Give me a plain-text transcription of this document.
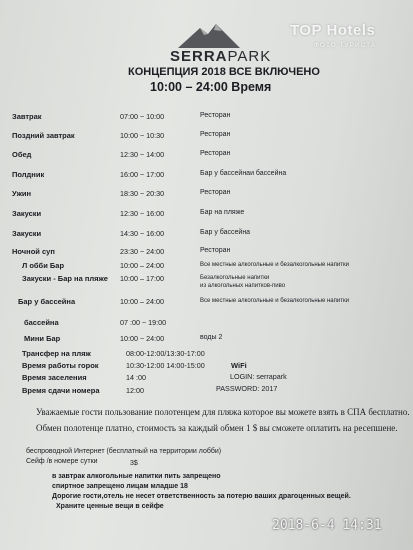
SERRAPARK
КОНЦЕПЦИЯ 2018 ВСЕ ВКЛЮЧЕНО
10:00 – 24:00 Время
TOP Hotels
ФОТО ТУРИСТА
WiFi
LOGIN: serrapark
PASSWORD: 2017
Уважаемые гости пользование полотенцем для пляжа которое вы можете взять в СПА бесплатно.
Обмен полотенце платно, стоимость за каждый обмен 1 $ вы сможете оплатить на ресепшене.
беспроводной Интернет (бесплатный на территории лобби)
Сейф /в номере сутки	3$
в завтрак алкогольные напитки пить запрещено
спиртное запрещено лицам младше 18
Дорогие гости,отель не несет ответственность за потерю ваших драгоценных вещей.
Храните ценные вещи в сейфе
2018-6-4 14:31
Завтрак	07:00 ~ 10:00	Ресторан
Поздний завтрак	10:00 ~ 10:30	Ресторан
Обед	12:30 ~ 14:00	Ресторан
Полдник	16:00 ~ 17:00	Бар у бассейнаи бассейна
Ужин	18:30 ~ 20:30	Ресторан
Закуски	12:30 ~ 16:00	Бар на пляже
Закуски	14:30 ~ 16:00	Бар у бассейна
Ночной суп	23:30 ~ 24:00	Ресторан
Л обби Бар	10:00 – 24:00	Все местные алкогольные и безалкогольные напитки
Закуски - Бар на пляже 10:00 – 17:00	Безалкогольные напитки
из алкогольных напитков-пиво
Бар у бассейна	10:00 – 24:00	Все местные алкогольные и безалкогольные напитки
бассейна	07 :00 ~ 19:00
Мини Бар	10:00 ~ 24:00	воды 2
Трансфер на пляж	08:00-12:00/13:30-17:00
Время работы горок	10:30-12:00 14:00-15:00
Время заселения	14 :00
Время сдачи номера	12:00
